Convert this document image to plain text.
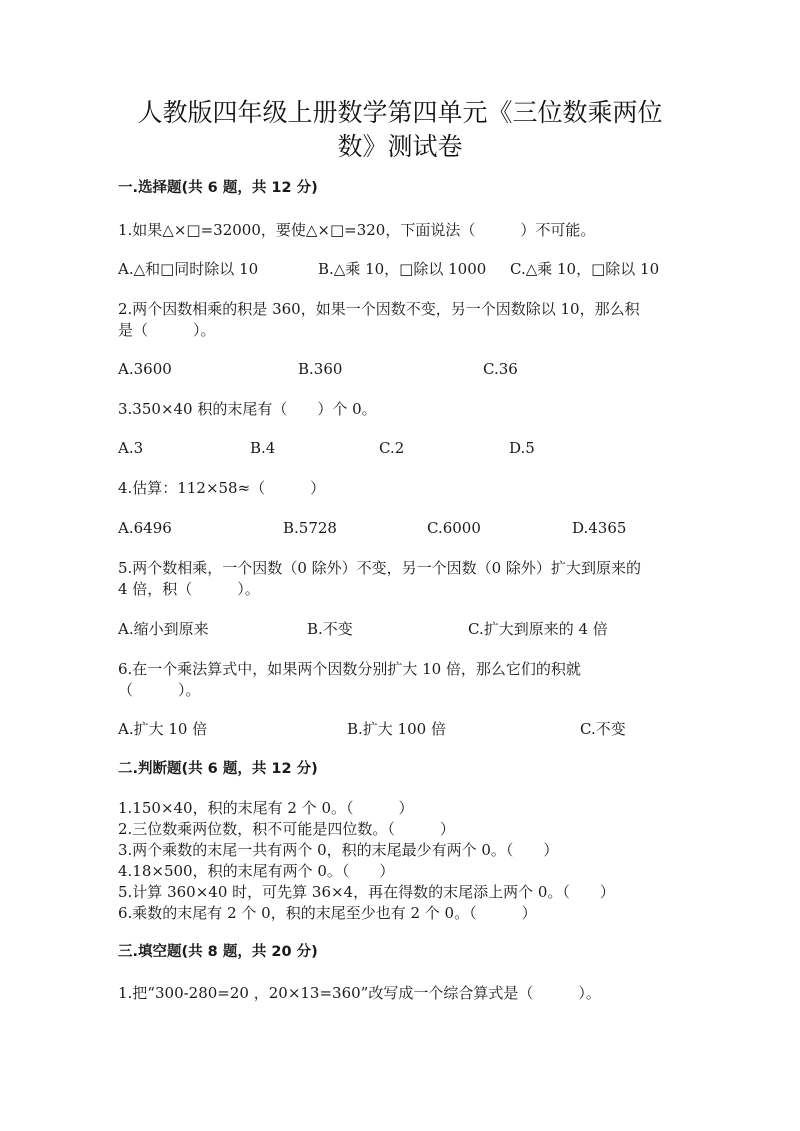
人教版四年级上册数学第四单元《三位数乘两位
数》测试卷
一.选择题(共 6 题，共 12 分)
1.如果△×□=32000，要使△×□=320，下面说法（　　　）不可能。
A.△和□同时除以 10	B.△乘 10，□除以 1000 C.△乘 10，□除以 10
2.两个因数相乘的积是 360，如果一个因数不变，另一个因数除以 10，那么积
是（　　　）。
A.3600	B.360	C.36
3.350×40 积的末尾有（　　）个 0。
A.3	B.4	C.2	D.5
4.估算：112×58≈（　　　）
A.6496	B.5728	C.6000	D.4365
5.两个数相乘，一个因数（0 除外）不变，另一个因数（0 除外）扩大到原来的
4 倍，积（　　　）。
A.缩小到原来	B.不变	C.扩大到原来的 4 倍
6.在一个乘法算式中，如果两个因数分别扩大 10 倍，那么它们的积就
（　　　）。
A.扩大 10 倍	B.扩大 100 倍	C.不变
二.判断题(共 6 题，共 12 分)
1.150×40，积的末尾有 2 个 0。（　　　）
2.三位数乘两位数，积不可能是四位数。（　　　）
3.两个乘数的末尾一共有两个 0，积的末尾最少有两个 0。（　　）
4.18×500，积的末尾有两个 0。（　　）
5.计算 360×40 时，可先算 36×4，再在得数的末尾添上两个 0。（　　）
6.乘数的末尾有 2 个 0，积的末尾至少也有 2 个 0。（　　　）
三.填空题(共 8 题，共 20 分)
1.把“300-280=20 ，20×13=360”改写成一个综合算式是（　　　）。
